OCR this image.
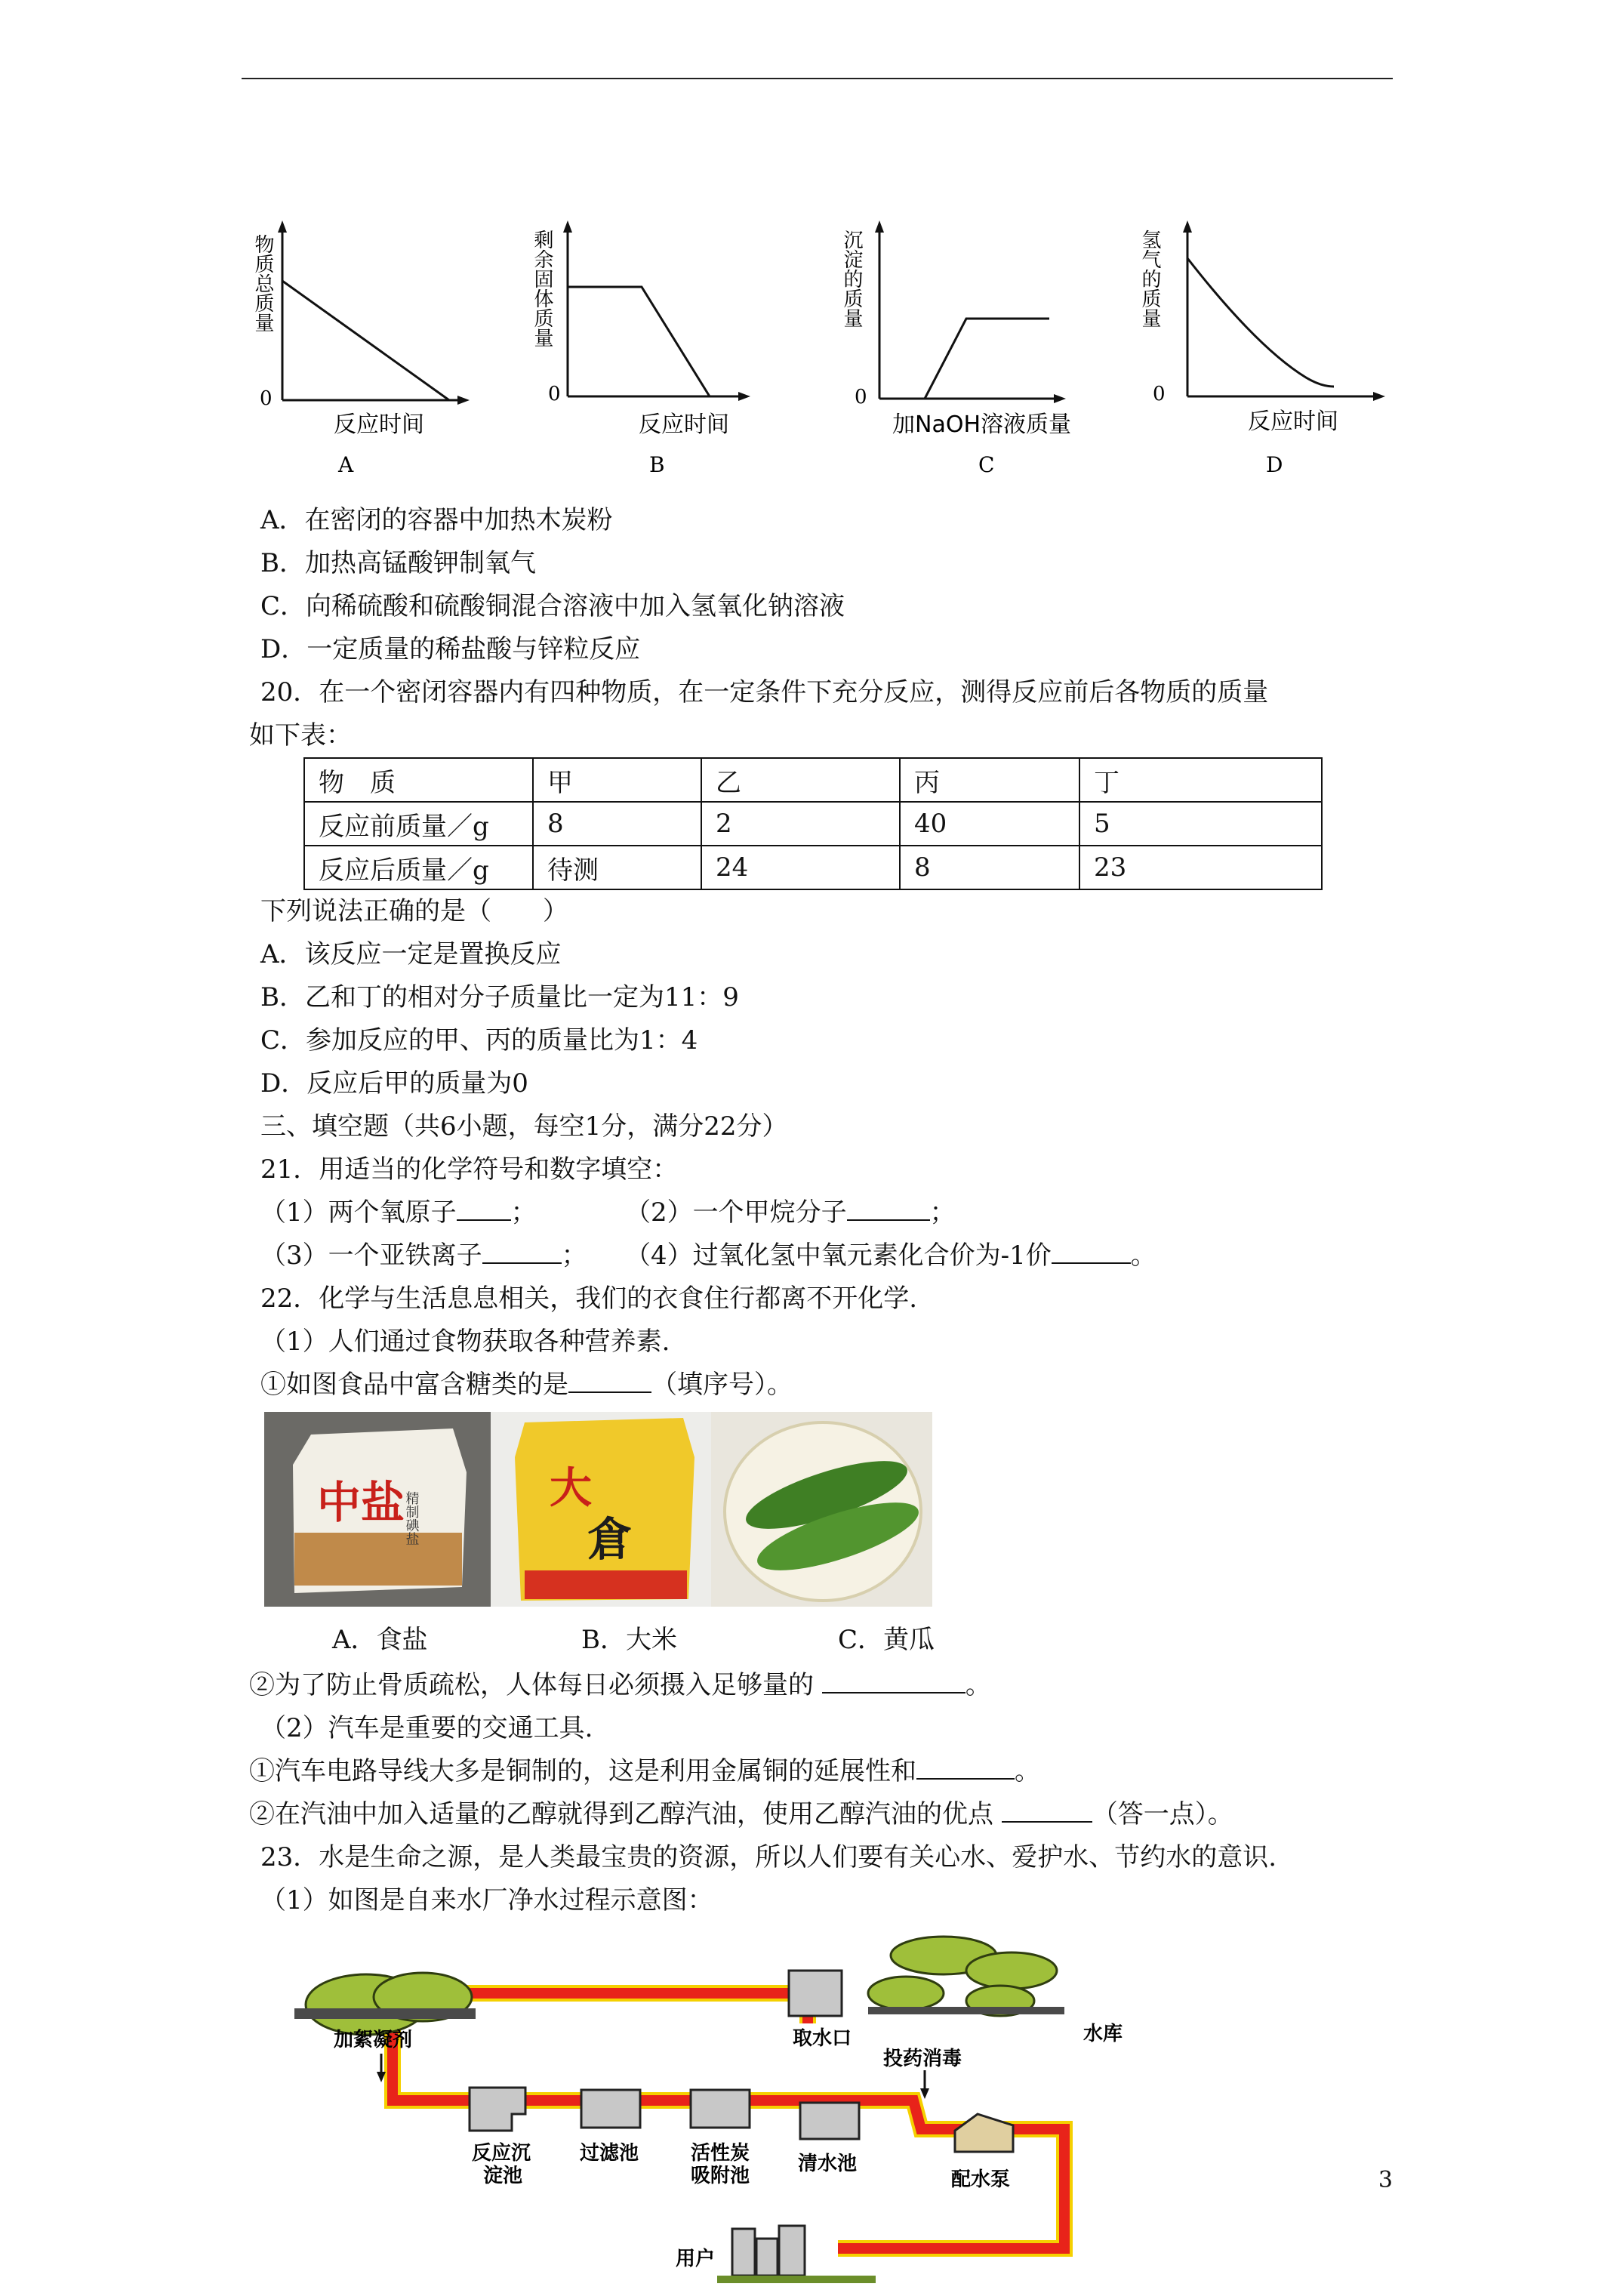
物质总质量
0
反应时间
A
剩余固体质量
0
反应时间
B
沉淀的质量
0
加NaOH溶液质量
C
氢气的质量
0
反应时间
D
A．在密闭的容器中加热木炭粉
B．加热高锰酸钾制氧气
C．向稀硫酸和硫酸铜混合溶液中加入氢氧化钠溶液
D．一定质量的稀盐酸与锌粒反应
20．在一个密闭容器内有四种物质，在一定条件下充分反应，测得反应前后各物质的质量
如下表：
物　质	甲	乙	丙	丁
反应前质量／g	8	2	40	5
反应后质量／g	待测	24	8	23
下列说法正确的是（　　）
A．该反应一定是置换反应
B．乙和丁的相对分子质量比一定为11：9
C．参加反应的甲、丙的质量比为1：4
D．反应后甲的质量为0
三、填空题（共6小题，每空1分，满分22分）
21．用适当的化学符号和数字填空：
（1）两个氧原子 ；	（2）一个甲烷分子	；
（3）一个亚铁离子	； （4）过氧化氢中氧元素化合价为-1价	。
22．化学与生活息息相关，我们的衣食住行都离不开化学.
（1）人们通过食物获取各种营养素.
①如图食品中富含糖类的是	（填序号）。
中盐
精制碘盐
大
倉
A．食盐	B．大米	C．黄瓜
②为了防止骨质疏松，人体每日必须摄入足够量的	。
（2）汽车是重要的交通工具.
①汽车电路导线大多是铜制的，这是利用金属铜的延展性和	。
②在汽油中加入适量的乙醇就得到乙醇汽油，使用乙醇汽油的优点	（答一点）。
23．水是生命之源，是人类最宝贵的资源，所以人们要有关心水、爱护水、节约水的意识.
（1）如图是自来水厂净水过程示意图：
取水口	水库
加絮凝剂
投药消毒
反应沉
淀池
过滤池	活性炭
吸附池
清水池
配水泵
用户
3
